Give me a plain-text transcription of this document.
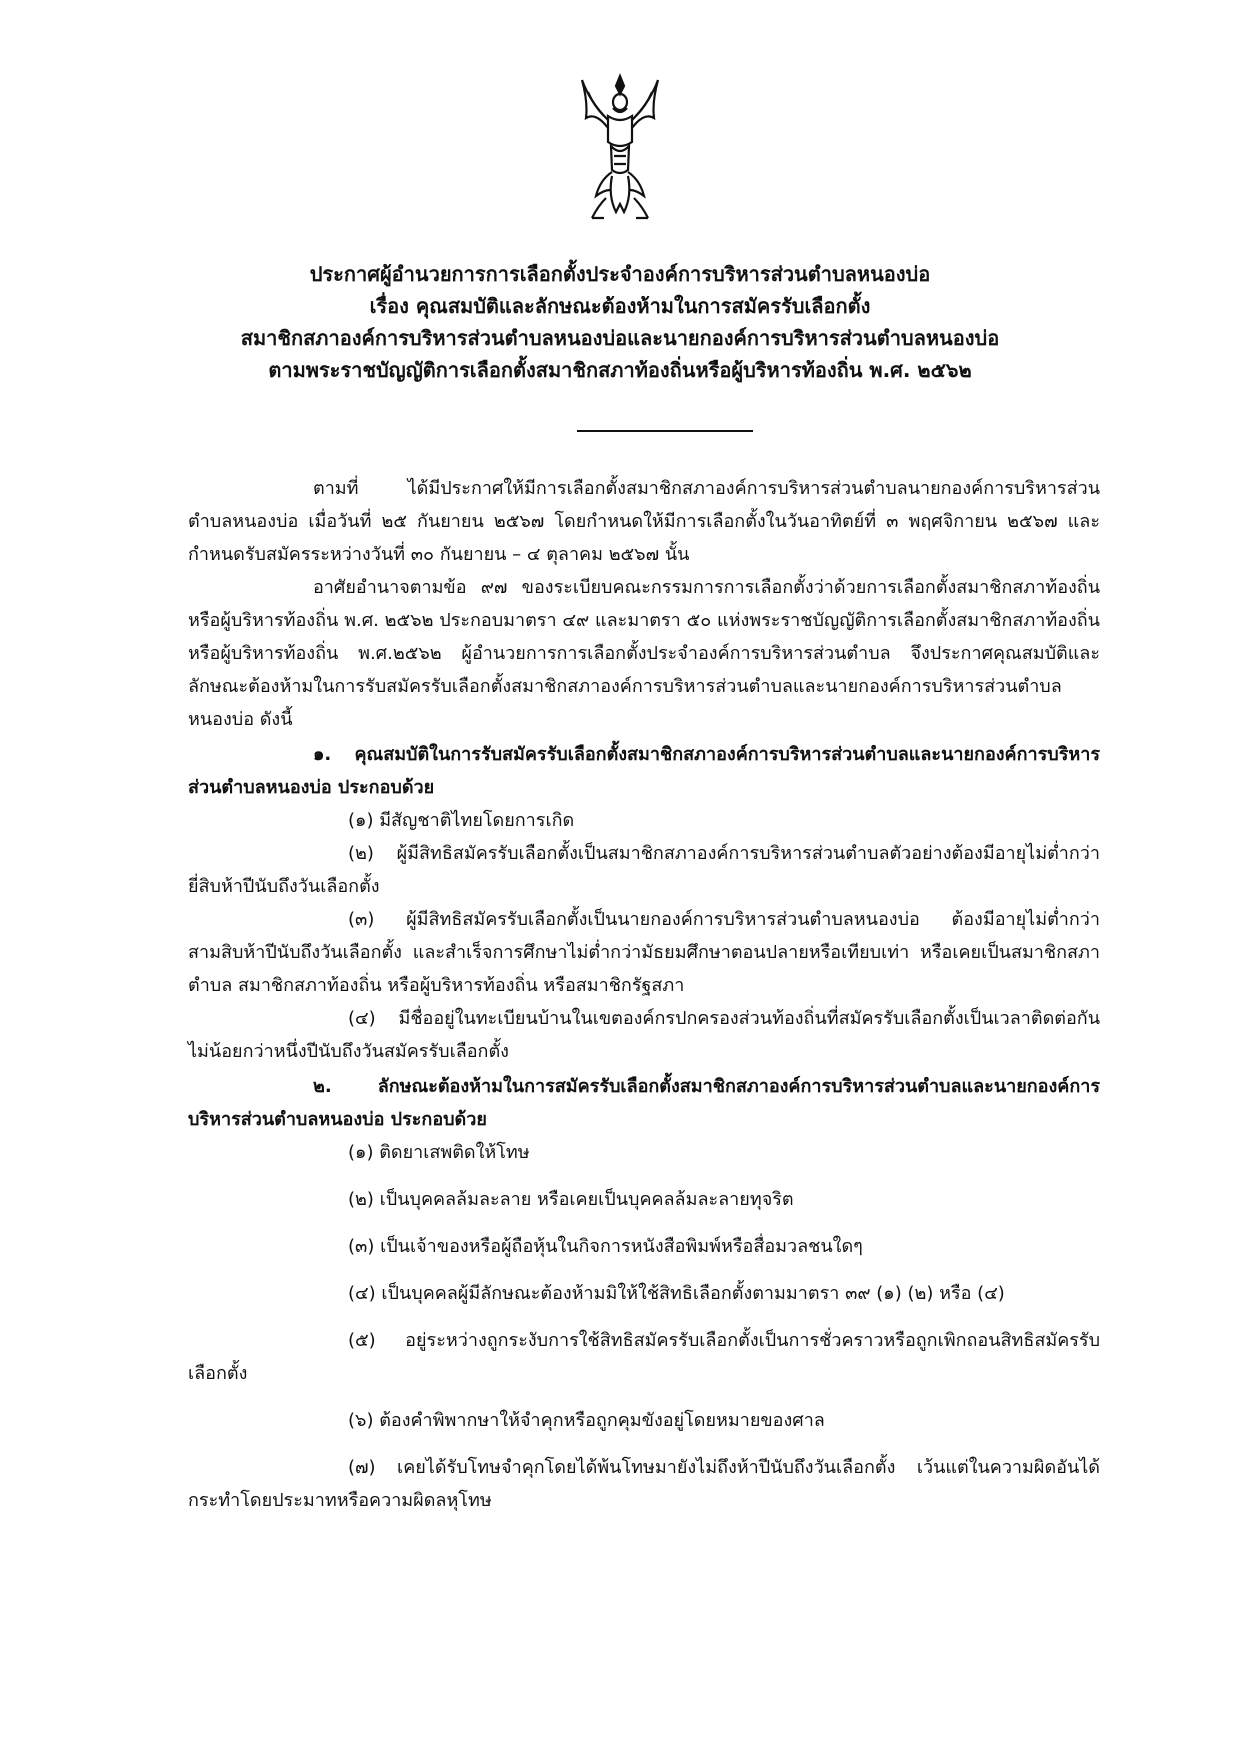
ประกาศผู้อำนวยการการเลือกตั้งประจำองค์การบริหารส่วนตำบลหนองบ่อ
เรื่อง คุณสมบัติและลักษณะต้องห้ามในการสมัครรับเลือกตั้ง
สมาชิกสภาองค์การบริหารส่วนตำบลหนองบ่อและนายกองค์การบริหารส่วนตำบลหนองบ่อ
ตามพระราชบัญญัติการเลือกตั้งสมาชิกสภาท้องถิ่นหรือผู้บริหารท้องถิ่น พ.ศ. ๒๕๖๒

ตามที่ ได้มีประกาศให้มีการเลือกตั้งสมาชิกสภาองค์การบริหารส่วนตำบลนายกองค์การบริหารส่วนตำบลหนองบ่อ เมื่อวันที่ ๒๕ กันยายน ๒๕๖๗ โดยกำหนดให้มีการเลือกตั้งในวันอาทิตย์ที่ ๓ พฤศจิกายน ๒๕๖๗ และกำหนดรับสมัครระหว่างวันที่ ๓๐ กันยายน – ๔ ตุลาคม ๒๕๖๗ นั้น

อาศัยอำนาจตามข้อ ๙๗ ของระเบียบคณะกรรมการการเลือกตั้งว่าด้วยการเลือกตั้งสมาชิกสภาท้องถิ่นหรือผู้บริหารท้องถิ่น พ.ศ. ๒๕๖๒ ประกอบมาตรา ๔๙ และมาตรา ๕๐ แห่งพระราชบัญญัติการเลือกตั้งสมาชิกสภาท้องถิ่นหรือผู้บริหารท้องถิ่น พ.ศ.๒๕๖๒ ผู้อำนวยการการเลือกตั้งประจำองค์การบริหารส่วนตำบล จึงประกาศคุณสมบัติและลักษณะต้องห้ามในการรับสมัครรับเลือกตั้งสมาชิกสภาองค์การบริหารส่วนตำบลและนายกองค์การบริหารส่วนตำบลหนองบ่อ ดังนี้

๑. คุณสมบัติในการรับสมัครรับเลือกตั้งสมาชิกสภาองค์การบริหารส่วนตำบลและนายกองค์การบริหารส่วนตำบลหนองบ่อ ประกอบด้วย

(๑) มีสัญชาติไทยโดยการเกิด

(๒) ผู้มีสิทธิสมัครรับเลือกตั้งเป็นสมาชิกสภาองค์การบริหารส่วนตำบลตัวอย่างต้องมีอายุไม่ต่ำกว่ายี่สิบห้าปีนับถึงวันเลือกตั้ง

(๓) ผู้มีสิทธิสมัครรับเลือกตั้งเป็นนายกองค์การบริหารส่วนตำบลหนองบ่อ ต้องมีอายุไม่ต่ำกว่าสามสิบห้าปีนับถึงวันเลือกตั้ง และสำเร็จการศึกษาไม่ต่ำกว่ามัธยมศึกษาตอนปลายหรือเทียบเท่า หรือเคยเป็นสมาชิกสภาตำบล สมาชิกสภาท้องถิ่น หรือผู้บริหารท้องถิ่น หรือสมาชิกรัฐสภา

(๔) มีชื่ออยู่ในทะเบียนบ้านในเขตองค์กรปกครองส่วนท้องถิ่นที่สมัครรับเลือกตั้งเป็นเวลาติดต่อกันไม่น้อยกว่าหนึ่งปีนับถึงวันสมัครรับเลือกตั้ง

๒. ลักษณะต้องห้ามในการสมัครรับเลือกตั้งสมาชิกสภาองค์การบริหารส่วนตำบลและนายกองค์การบริหารส่วนตำบลหนองบ่อ ประกอบด้วย

(๑) ติดยาเสพติดให้โทษ

(๒) เป็นบุคคลล้มละลาย หรือเคยเป็นบุคคลล้มละลายทุจริต

(๓) เป็นเจ้าของหรือผู้ถือหุ้นในกิจการหนังสือพิมพ์หรือสื่อมวลชนใดๆ

(๔) เป็นบุคคลผู้มีลักษณะต้องห้ามมิให้ใช้สิทธิเลือกตั้งตามมาตรา ๓๙ (๑) (๒) หรือ (๔)

(๕) อยู่ระหว่างถูกระงับการใช้สิทธิสมัครรับเลือกตั้งเป็นการชั่วคราวหรือถูกเพิกถอนสิทธิสมัครรับเลือกตั้ง

(๖) ต้องคำพิพากษาให้จำคุกหรือถูกคุมขังอยู่โดยหมายของศาล

(๗) เคยได้รับโทษจำคุกโดยได้พ้นโทษมายังไม่ถึงห้าปีนับถึงวันเลือกตั้ง เว้นแต่ในความผิดอันได้กระทำโดยประมาทหรือความผิดลหุโทษ
